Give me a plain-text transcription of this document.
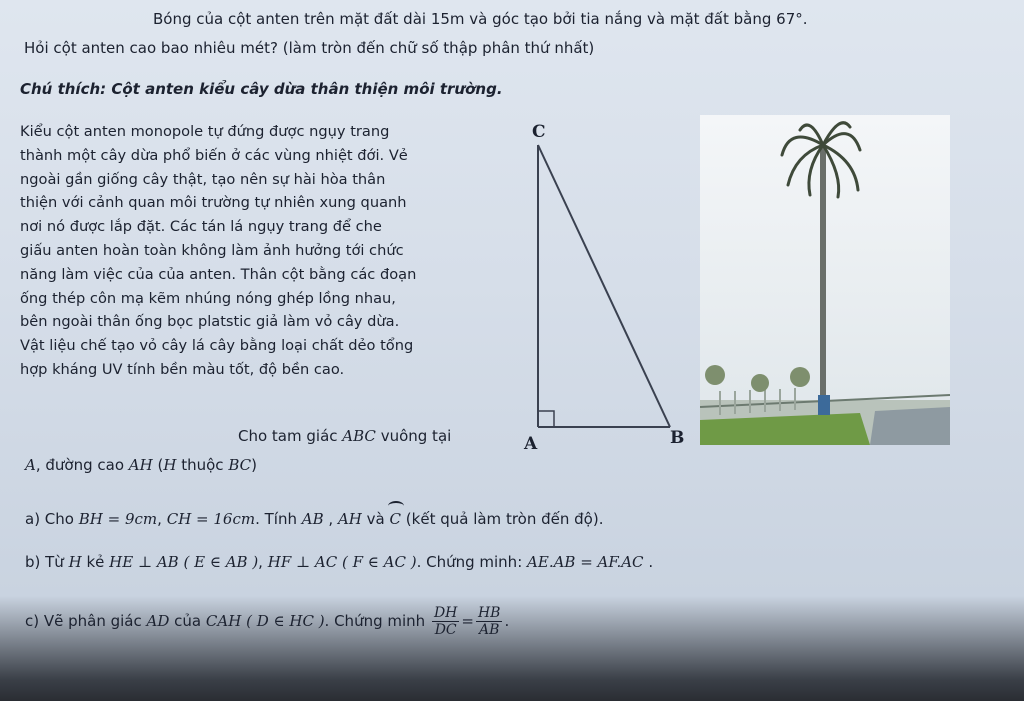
Bóng của cột anten trên mặt đất dài 15m và góc tạo bởi tia nắng và mặt đất bằng 67°.
Hỏi cột anten cao bao nhiêu mét? (làm tròn đến chữ số thập phân thứ nhất)
Chú thích: Cột anten kiểu cây dừa thân thiện môi trường.
Kiểu cột anten monopole tự đứng được ngụy trang
thành một cây dừa phổ biến ở các vùng nhiệt đới. Vẻ
ngoài gần giống cây thật, tạo nên sự hài hòa thân
thiện với cảnh quan môi trường tự nhiên xung quanh
nơi nó được lắp đặt. Các tán lá ngụy trang để che
giấu anten hoàn toàn không làm ảnh hưởng tới chức
năng làm việc của của anten. Thân cột bằng các đoạn
ống thép côn mạ kẽm nhúng nóng ghép lồng nhau,
bên ngoài thân ống bọc platstic giả làm vỏ cây dừa.
Vật liệu chế tạo vỏ cây lá cây bằng loại chất dẻo tổng
hợp kháng UV tính bền màu tốt, độ bền cao.
C
A	B
Cho tam giác ABC vuông tại
A, đường cao AH (H thuộc BC)
a) Cho BH = 9cm, CH = 16cm. Tính AB , AH và C (kết quả làm tròn đến độ).
b) Từ H kẻ HE ⊥ AB ( E ∈ AB ), HF ⊥ AC ( F ∈ AC ). Chứng minh: AE.AB = AF.AC .
c) Vẽ phân giác AD của CAH ( D ∈ HC ). Chứng minh $\frac{DH}{DC} = \frac{HB}{AB}$ .
